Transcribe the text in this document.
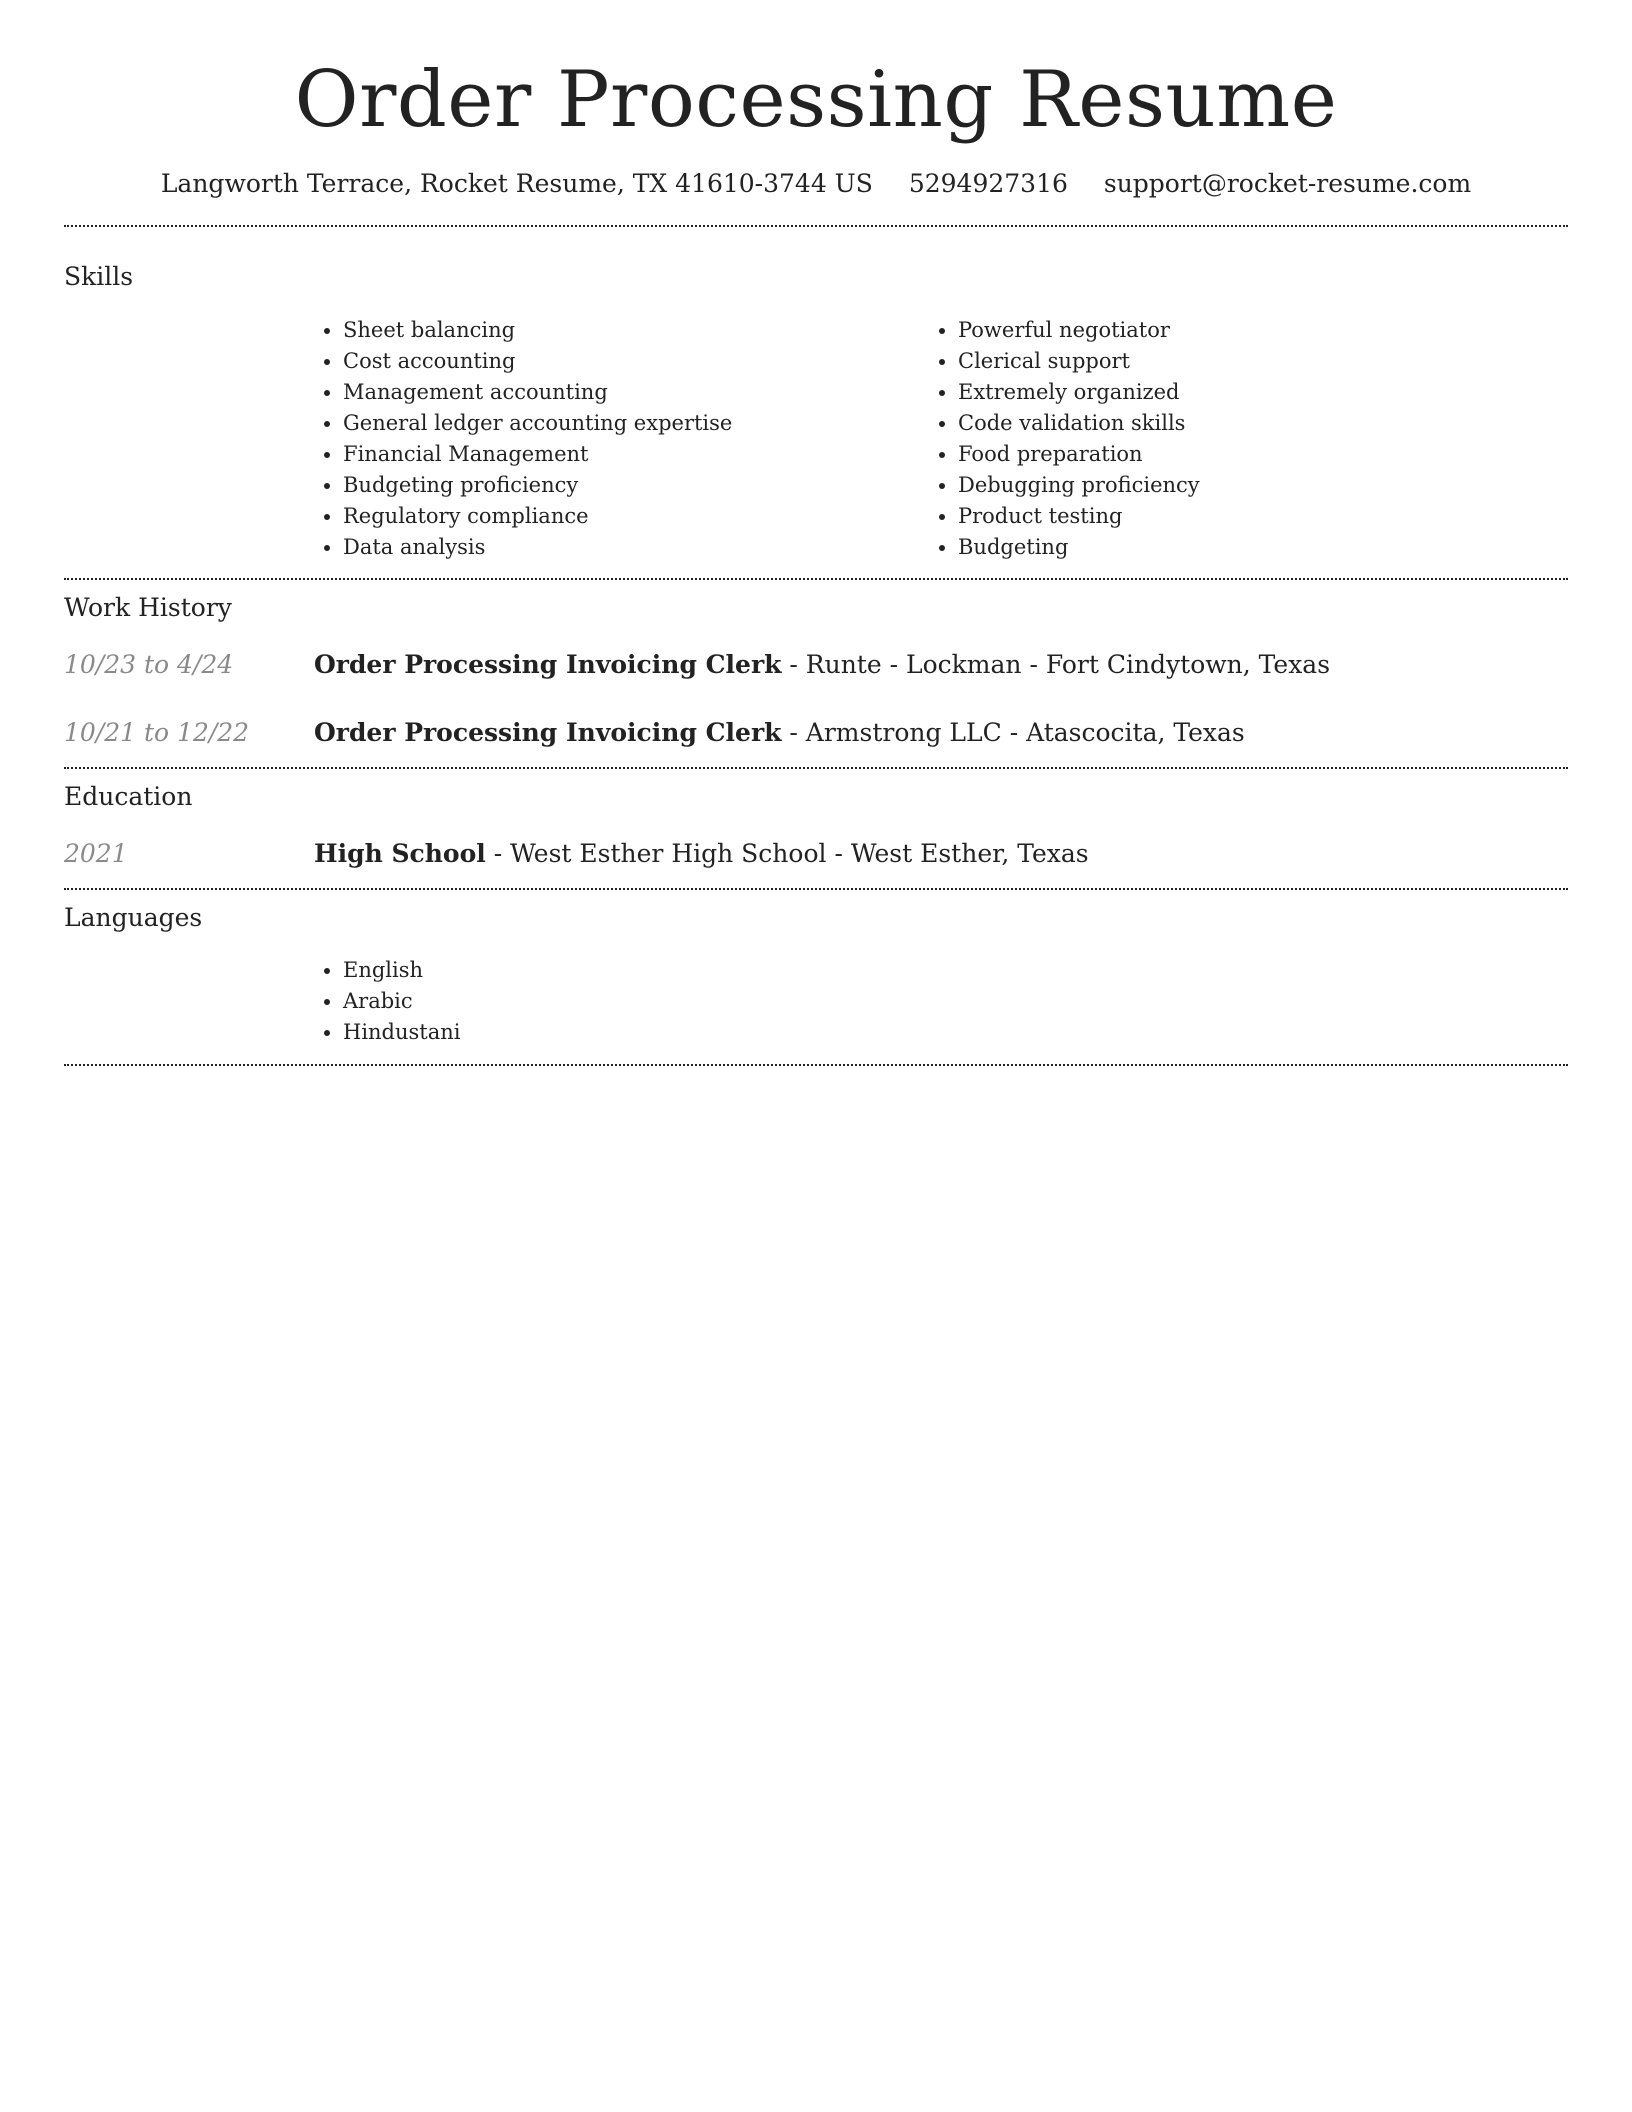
Order Processing Resume
Langworth Terrace, Rocket Resume, TX 41610-3744 US 5294927316 support@rocket-resume.com
Skills
• Sheet balancing
• Cost accounting
• Management accounting
• General ledger accounting expertise
• Financial Management
• Budgeting proficiency
• Regulatory compliance
• Data analysis
• Powerful negotiator
• Clerical support
• Extremely organized
• Code validation skills
• Food preparation
• Debugging proficiency
• Product testing
• Budgeting
Work History
10/23 to 4/24	Order Processing Invoicing Clerk - Runte - Lockman - Fort Cindytown, Texas
10/21 to 12/22	Order Processing Invoicing Clerk - Armstrong LLC - Atascocita, Texas
Education
2021	High School - West Esther High School - West Esther, Texas
Languages
• English
• Arabic
• Hindustani
